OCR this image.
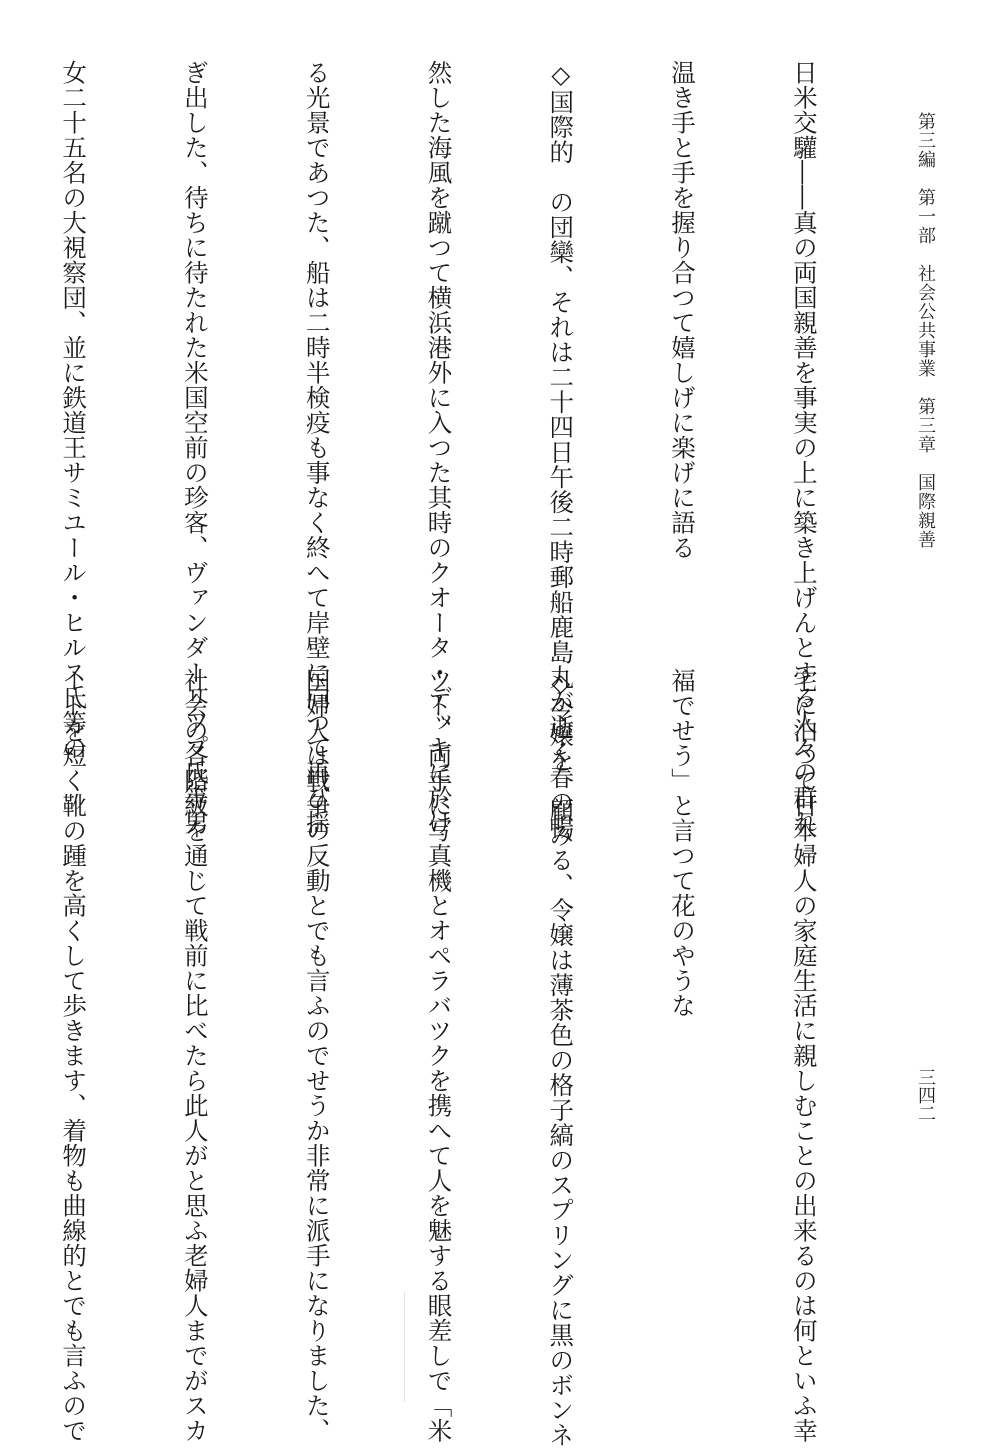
第三編　第一部　社会公共事業　第三章　国際親善

日米交驩――真の両国親善を事実の上に築き上げんとする人々の群れ

温き手と手を握り合つて嬉しげに楽げに語る

◇国際的　の団欒、それは二十四日午後二時郵船鹿島丸が逝く春の暢

然した海風を蹴つて横浜港外に入つた其時のクオータ・デッキに於け

る光景であつた、船は二時半検疫も事なく終へて岸壁に向つて再び揺

ぎ出した、待ちに待たれた米国空前の珍客、ヴァンダーリツプ氏等男

女二十五名の大視察団、並に鉄道王サミユール・ヒルス氏等の

三四二

宅に泊つて日本婦人の家庭生活に親しむことの出来るのは何といふ幸

福でせう」と言つて花のやうな

◇令嬢を　顧みる、令嬢は薄茶色の格子縞のスプリングに黒のボンネ

ツト、両手に写真機とオペラバツクを携へて人を魅する眼差しで「米

国婦人は戦争の反動とでも言ふのでせうか非常に派手になりました、

社会の各階級を通じて戦前に比べたら此人がと思ふ老婦人までがスカ

ートを短く靴の踵を高くして歩きます、着物も曲線的とでも言ふので
